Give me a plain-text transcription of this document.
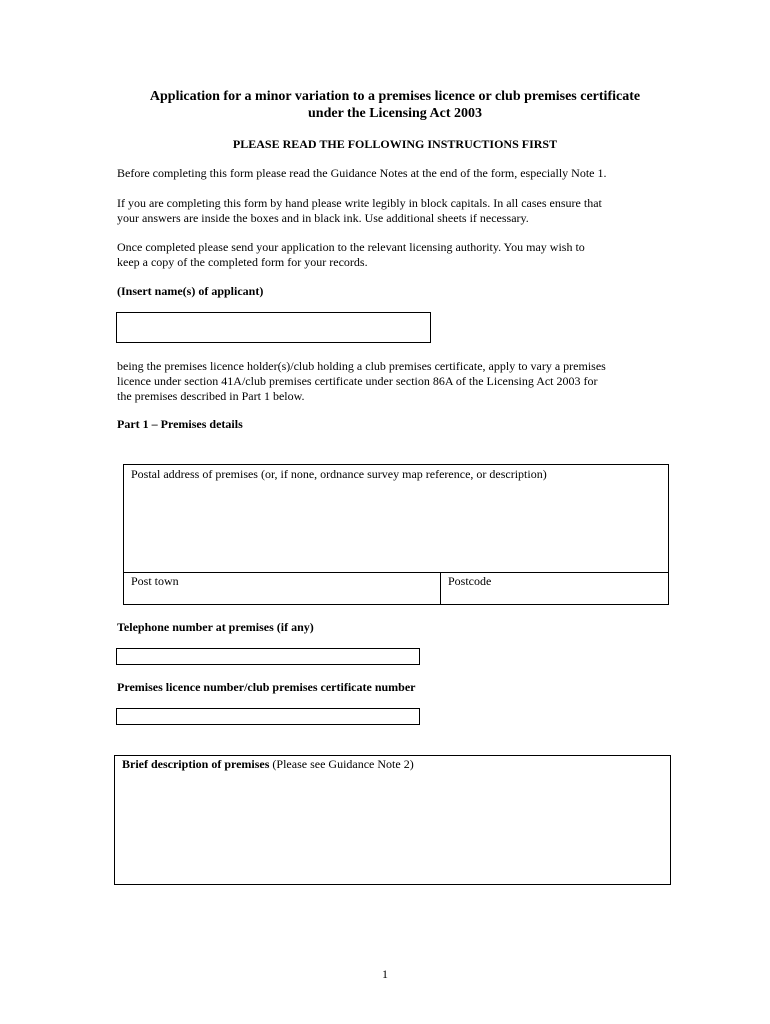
Application for a minor variation to a premises licence or club premises certificate
under the Licensing Act 2003
PLEASE READ THE FOLLOWING INSTRUCTIONS FIRST
Before completing this form please read the Guidance Notes at the end of the form, especially Note 1.
If you are completing this form by hand please write legibly in block capitals. In all cases ensure that
your answers are inside the boxes and in black ink. Use additional sheets if necessary.
Once completed please send your application to the relevant licensing authority. You may wish to
keep a copy of the completed form for your records.
(Insert name(s) of applicant)
being the premises licence holder(s)/club holding a club premises certificate, apply to vary a premises
licence under section 41A/club premises certificate under section 86A of the Licensing Act 2003 for
the premises described in Part 1 below.
Part 1 – Premises details
Postal address of premises (or, if none, ordnance survey map reference, or description)
Post town	Postcode
Telephone number at premises (if any)
Premises licence number/club premises certificate number
Brief description of premises (Please see Guidance Note 2)
1
